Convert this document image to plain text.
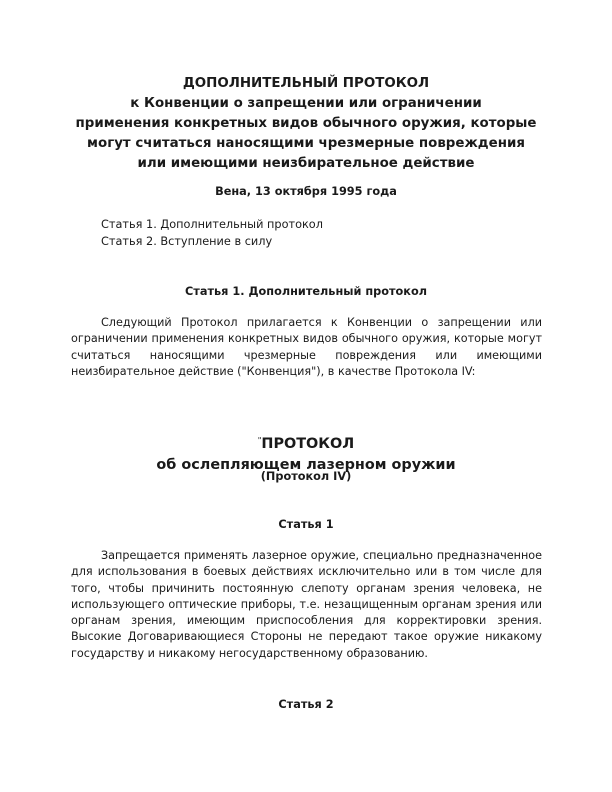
ДОПОЛНИТЕЛЬНЫЙ ПРОТОКОЛ
к Конвенции о запрещении или ограничении
применения конкретных видов обычного оружия, которые
могут считаться наносящими чрезмерные повреждения
или имеющими неизбирательное действие
Вена, 13 октября 1995 года
Статья 1. Дополнительный протокол
Статья 2. Вступление в силу
Статья 1. Дополнительный протокол
Следующий Протокол прилагается к Конвенции о запрещении или ограничении применения конкретных видов обычного оружия, которые могут считаться наносящими чрезмерные повреждения или имеющими неизбирательное действие ("Конвенция"), в качестве Протокола IV:
"ПРОТОКОЛ
об ослепляющем лазерном оружии
(Протокол IV)
Статья 1
Запрещается применять лазерное оружие, специально предназначенное для использования в боевых действиях исключительно или в том числе для того, чтобы причинить постоянную слепоту органам зрения человека, не использующего оптические приборы, т.е. незащищенным органам зрения или органам зрения, имеющим приспособления для корректировки зрения. Высокие Договаривающиеся Стороны не передают такое оружие никакому государству и никакому негосударственному образованию.
Статья 2
